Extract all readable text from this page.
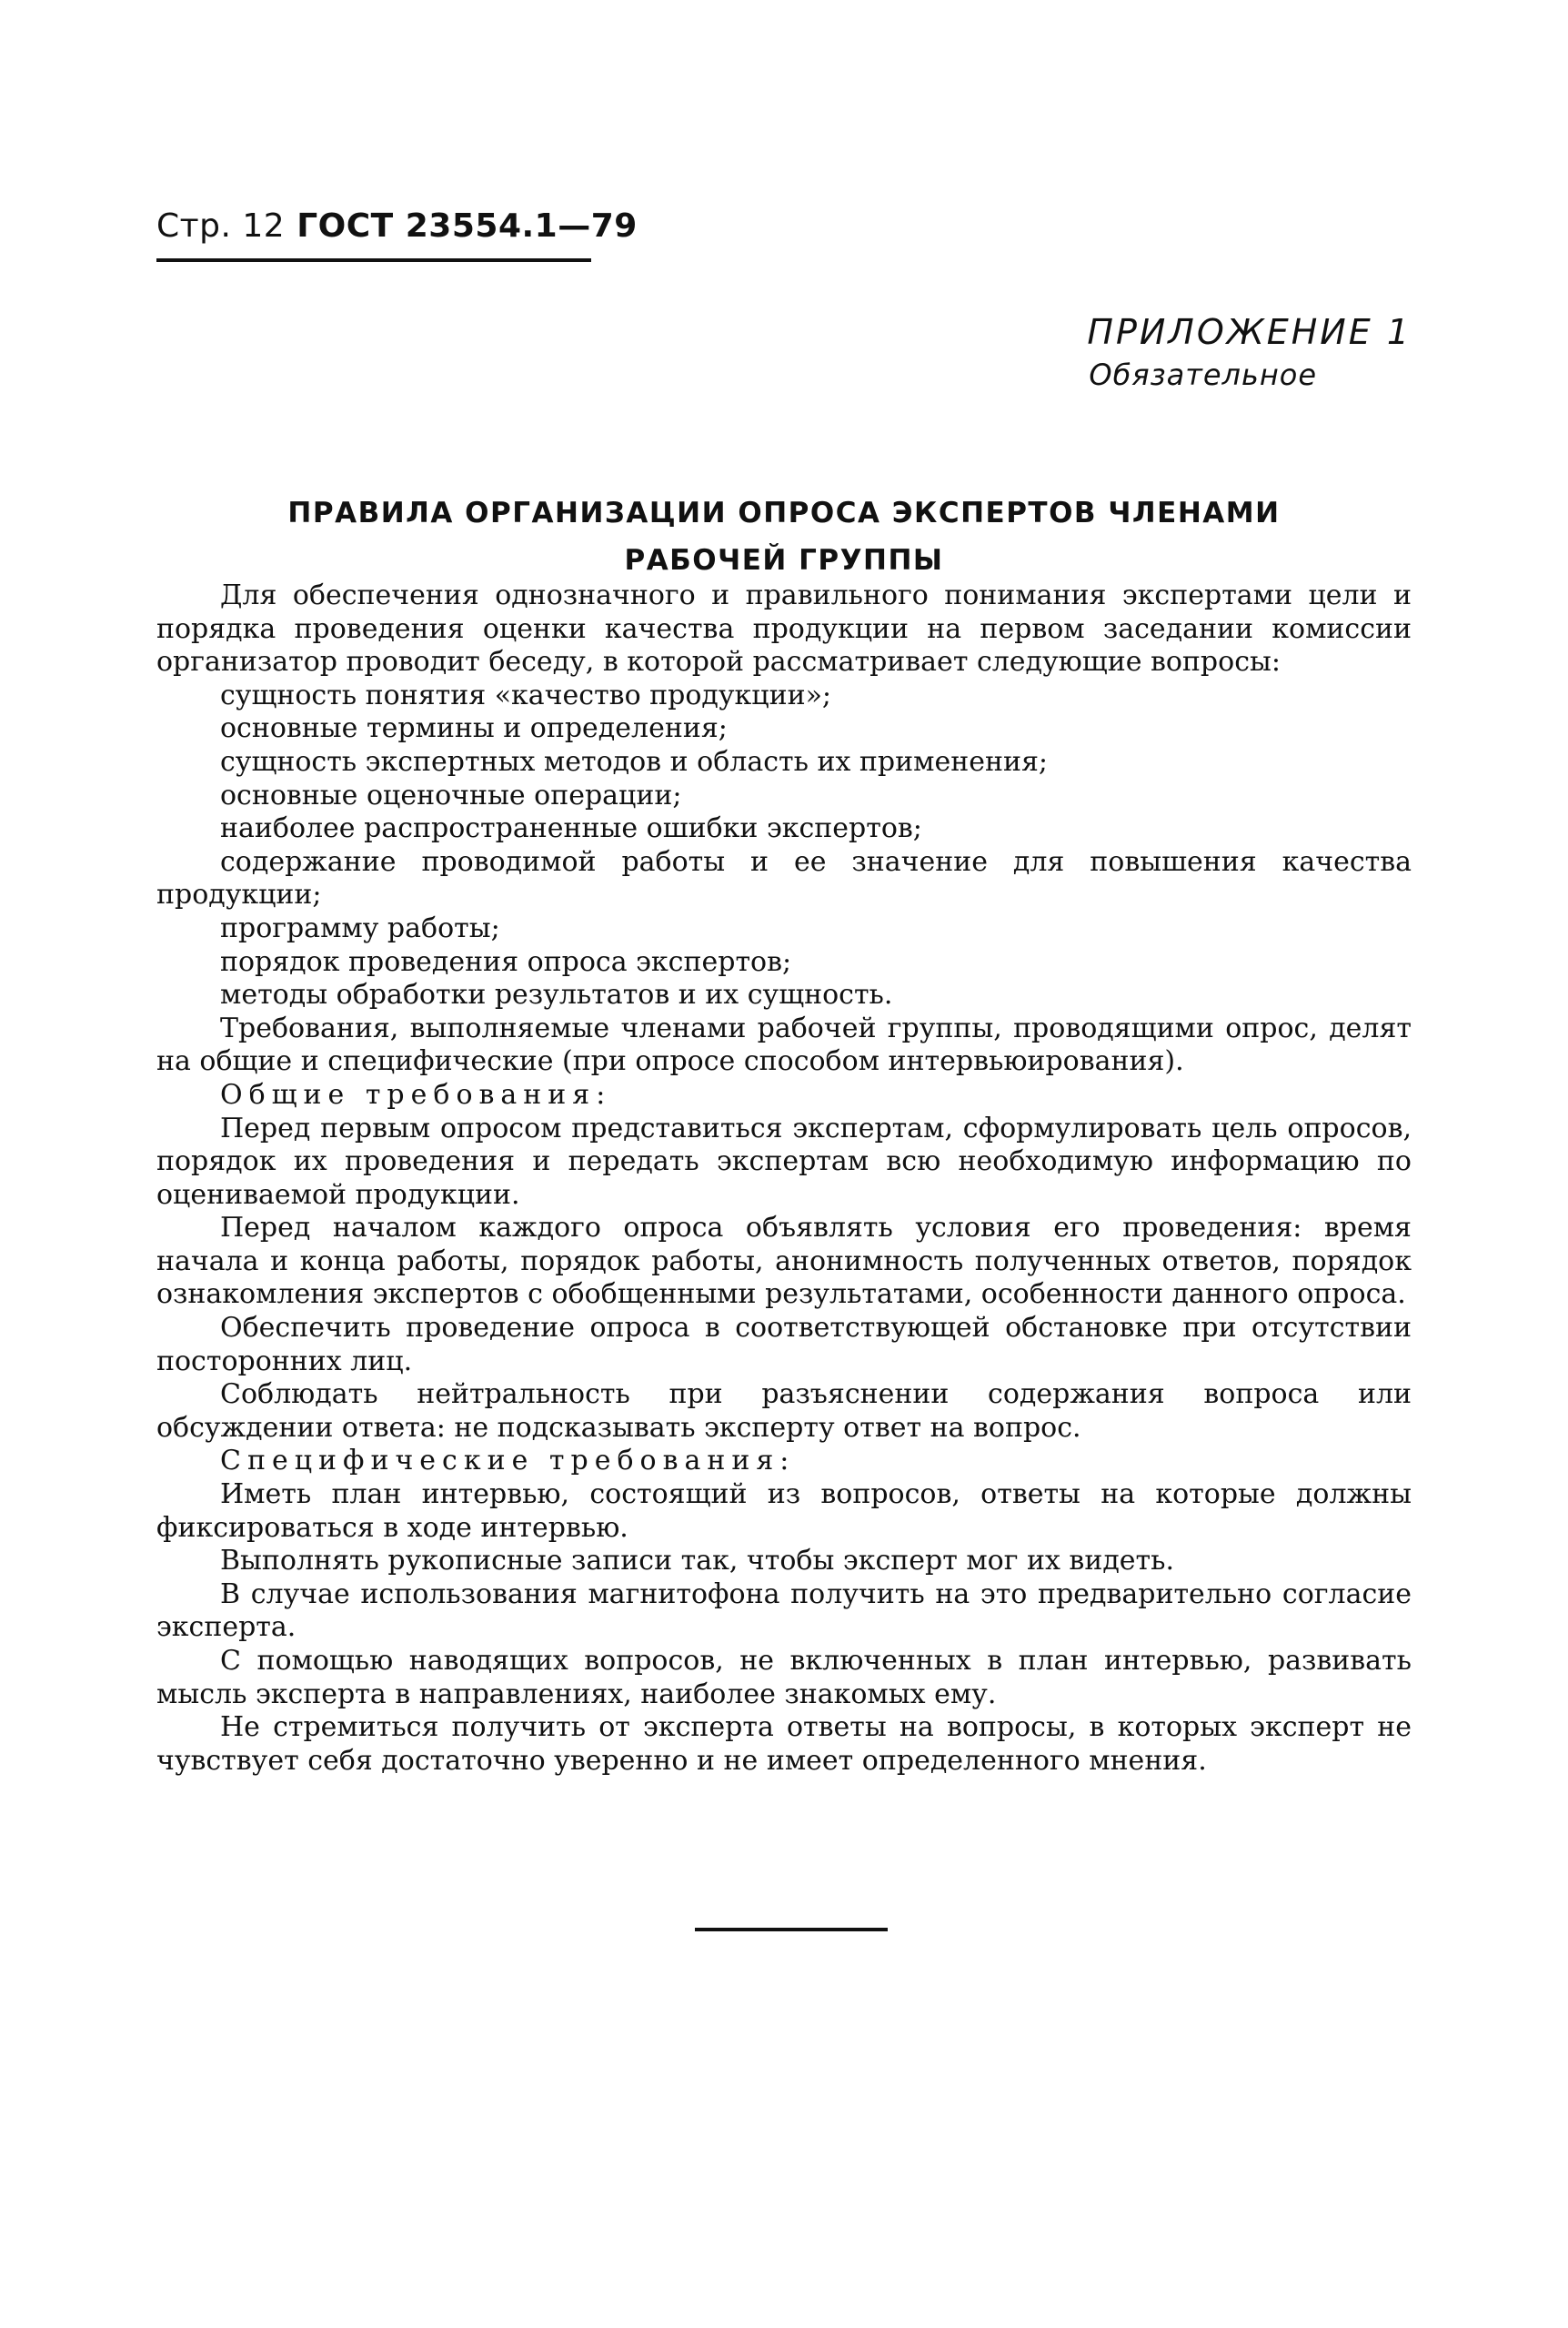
Стр. 12 ГОСТ 23554.1—79
ПРИЛОЖЕНИЕ 1
Обязательное
ПРАВИЛА ОРГАНИЗАЦИИ ОПРОСА ЭКСПЕРТОВ ЧЛЕНАМИ
РАБОЧЕЙ ГРУППЫ

Для обеспечения однозначного и правильного понимания экспертами цели и порядка проведения оценки качества продукции на первом заседании комиссии организатор проводит беседу, в которой рассматривает следующие вопросы:

сущность понятия «качество продукции»;

основные термины и определения;

сущность экспертных методов и область их применения;

основные оценочные операции;

наиболее распространенные ошибки экспертов;

содержание проводимой работы и ее значение для повышения качества продукции;

программу работы;

порядок проведения опроса экспертов;

методы обработки результатов и их сущность.

Требования, выполняемые членами рабочей группы, проводящими опрос, делят на общие и специфические (при опросе способом интервьюирования).

Общие требования:

Перед первым опросом представиться экспертам, сформулировать цель опросов, порядок их проведения и передать экспертам всю необходимую информацию по оцениваемой продукции.

Перед началом каждого опроса объявлять условия его проведения: время начала и конца работы, порядок работы, анонимность полученных ответов, порядок ознакомления экспертов с обобщенными результатами, особенности данного опроса.

Обеспечить проведение опроса в соответствующей обстановке при отсутствии посторонних лиц.

Соблюдать нейтральность при разъяснении содержания вопроса или обсуждении ответа: не подсказывать эксперту ответ на вопрос.

Специфические требования:

Иметь план интервью, состоящий из вопросов, ответы на которые должны фиксироваться в ходе интервью.

Выполнять рукописные записи так, чтобы эксперт мог их видеть.

В случае использования магнитофона получить на это предварительно согласие эксперта.

С помощью наводящих вопросов, не включенных в план интервью, развивать мысль эксперта в направлениях, наиболее знакомых ему.

Не стремиться получить от эксперта ответы на вопросы, в которых эксперт не чувствует себя достаточно уверенно и не имеет определенного мнения.
